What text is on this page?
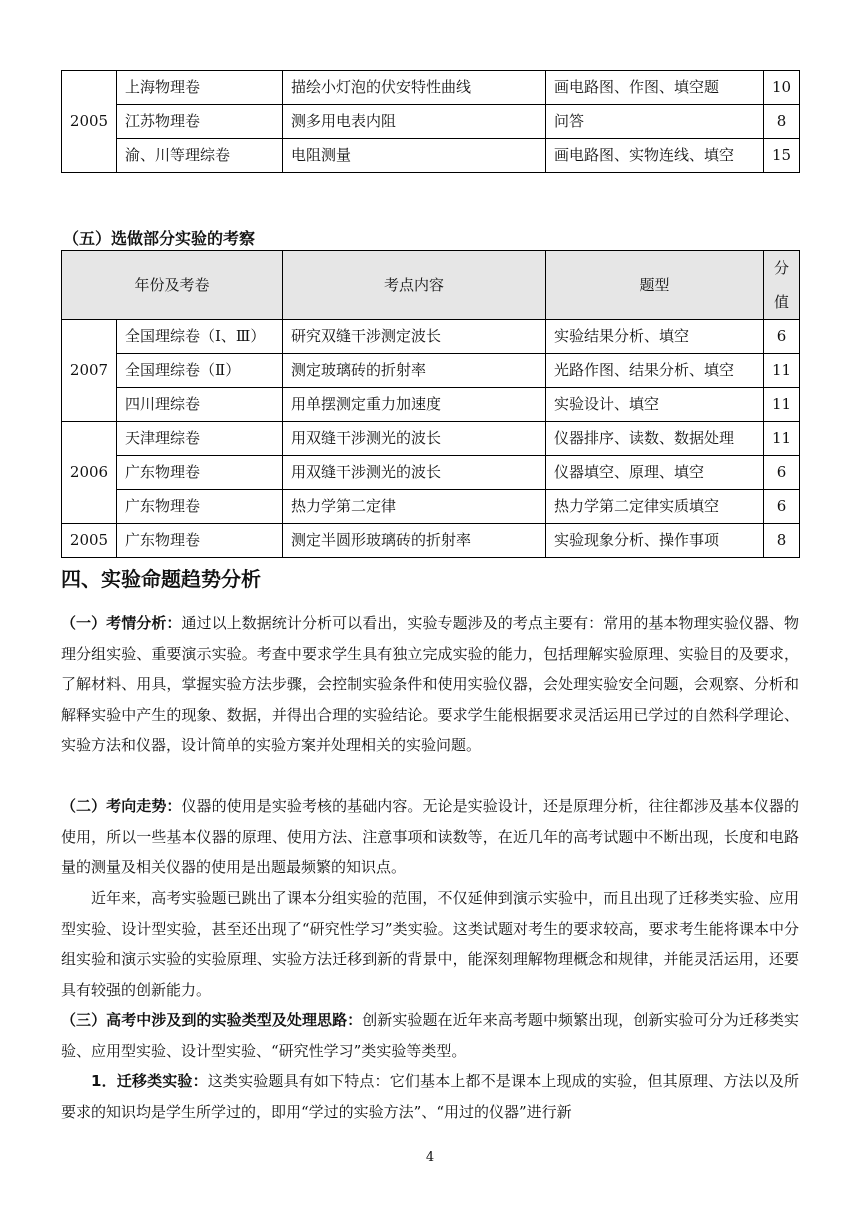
2005	上海物理卷	描绘小灯泡的伏安特性曲线	画电路图、作图、填空题	10
	江苏物理卷	测多用电表内阻	问答	8
	渝、川等理综卷	电阻测量	画电路图、实物连线、填空	15
（五）选做部分实验的考察
年份及考卷		考点内容	题型	分
值
2007	全国理综卷（Ⅰ、Ⅲ）	研究双缝干涉测定波长	实验结果分析、填空	6
	全国理综卷（Ⅱ）	测定玻璃砖的折射率	光路作图、结果分析、填空	11
	四川理综卷	用单摆测定重力加速度	实验设计、填空	11
2006	天津理综卷	用双缝干涉测光的波长	仪器排序、读数、数据处理	11
	广东物理卷	用双缝干涉测光的波长	仪器填空、原理、填空	6
	广东物理卷	热力学第二定律	热力学第二定律实质填空	6
2005	广东物理卷	测定半圆形玻璃砖的折射率	实验现象分析、操作事项	8
四、实验命题趋势分析

（一）考情分析：通过以上数据统计分析可以看出，实验专题涉及的考点主要有：常用的基本物理实验仪器、物理分组实验、重要演示实验。考查中要求学生具有独立完成实验的能力，包括理解实验原理、实验目的及要求，了解材料、用具，掌握实验方法步骤，会控制实验条件和使用实验仪器，会处理实验安全问题，会观察、分析和解释实验中产生的现象、数据，并得出合理的实验结论。要求学生能根据要求灵活运用已学过的自然科学理论、实验方法和仪器，设计简单的实验方案并处理相关的实验问题。

（二）考向走势：仪器的使用是实验考核的基础内容。无论是实验设计，还是原理分析，往往都涉及基本仪器的使用，所以一些基本仪器的原理、使用方法、注意事项和读数等，在近几年的高考试题中不断出现，长度和电路量的测量及相关仪器的使用是出题最频繁的知识点。

近年来，高考实验题已跳出了课本分组实验的范围，不仅延伸到演示实验中，而且出现了迁移类实验、应用型实验、设计型实验，甚至还出现了“研究性学习”类实验。这类试题对考生的要求较高，要求考生能将课本中分组实验和演示实验的实验原理、实验方法迁移到新的背景中，能深刻理解物理概念和规律，并能灵活运用，还要具有较强的创新能力。

（三）高考中涉及到的实验类型及处理思路：创新实验题在近年来高考题中频繁出现，创新实验可分为迁移类实验、应用型实验、设计型实验、“研究性学习”类实验等类型。

1．迁移类实验：这类实验题具有如下特点：它们基本上都不是课本上现成的实验，但其原理、方法以及所要求的知识均是学生所学过的，即用“学过的实验方法”、“用过的仪器”进行新

4
